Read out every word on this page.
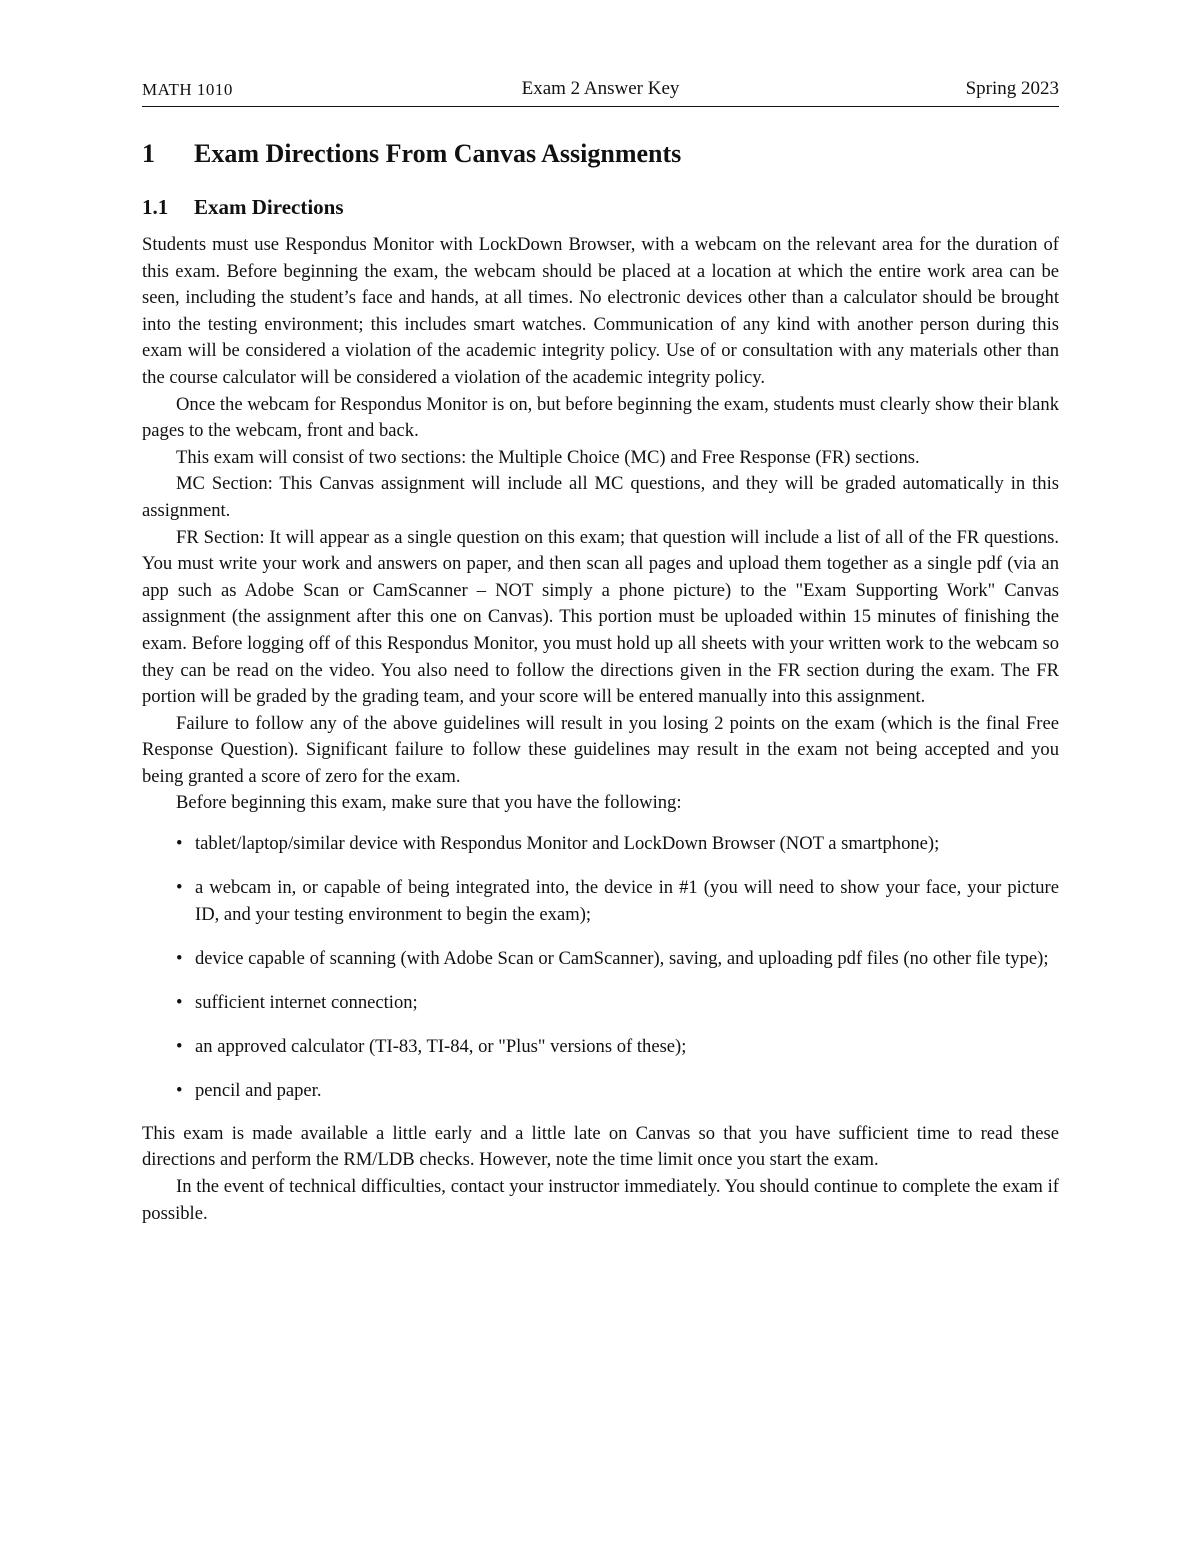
MATH 1010	Exam 2 Answer Key	Spring 2023
1 Exam Directions From Canvas Assignments
1.1 Exam Directions

Students must use Respondus Monitor with LockDown Browser, with a webcam on the relevant area for the duration of this exam. Before beginning the exam, the webcam should be placed at a location at which the entire work area can be seen, including the student’s face and hands, at all times. No electronic devices other than a calculator should be brought into the testing environment; this includes smart watches. Communication of any kind with another person during this exam will be considered a violation of the academic integrity policy. Use of or consultation with any materials other than the course calculator will be considered a violation of the academic integrity policy.

Once the webcam for Respondus Monitor is on, but before beginning the exam, students must clearly show their blank pages to the webcam, front and back.

This exam will consist of two sections: the Multiple Choice (MC) and Free Response (FR) sections.

MC Section: This Canvas assignment will include all MC questions, and they will be graded automatically in this assignment.

FR Section: It will appear as a single question on this exam; that question will include a list of all of the FR questions. You must write your work and answers on paper, and then scan all pages and upload them together as a single pdf (via an app such as Adobe Scan or CamScanner – NOT simply a phone picture) to the "Exam Supporting Work" Canvas assignment (the assignment after this one on Canvas). This portion must be uploaded within 15 minutes of finishing the exam. Before logging off of this Respondus Monitor, you must hold up all sheets with your written work to the webcam so they can be read on the video. You also need to follow the directions given in the FR section during the exam. The FR portion will be graded by the grading team, and your score will be entered manually into this assignment.

Failure to follow any of the above guidelines will result in you losing 2 points on the exam (which is the final Free Response Question). Significant failure to follow these guidelines may result in the exam not being accepted and you being granted a score of zero for the exam.

Before beginning this exam, make sure that you have the following:

• tablet/laptop/similar device with Respondus Monitor and LockDown Browser (NOT a smartphone);
• a webcam in, or capable of being integrated into, the device in #1 (you will need to show your face, your picture ID, and your testing environment to begin the exam);
• device capable of scanning (with Adobe Scan or CamScanner), saving, and uploading pdf files (no other file type);
• sufficient internet connection;
• an approved calculator (TI-83, TI-84, or "Plus" versions of these);
• pencil and paper.

This exam is made available a little early and a little late on Canvas so that you have sufficient time to read these directions and perform the RM/LDB checks. However, note the time limit once you start the exam.

In the event of technical difficulties, contact your instructor immediately. You should continue to complete the exam if possible.
